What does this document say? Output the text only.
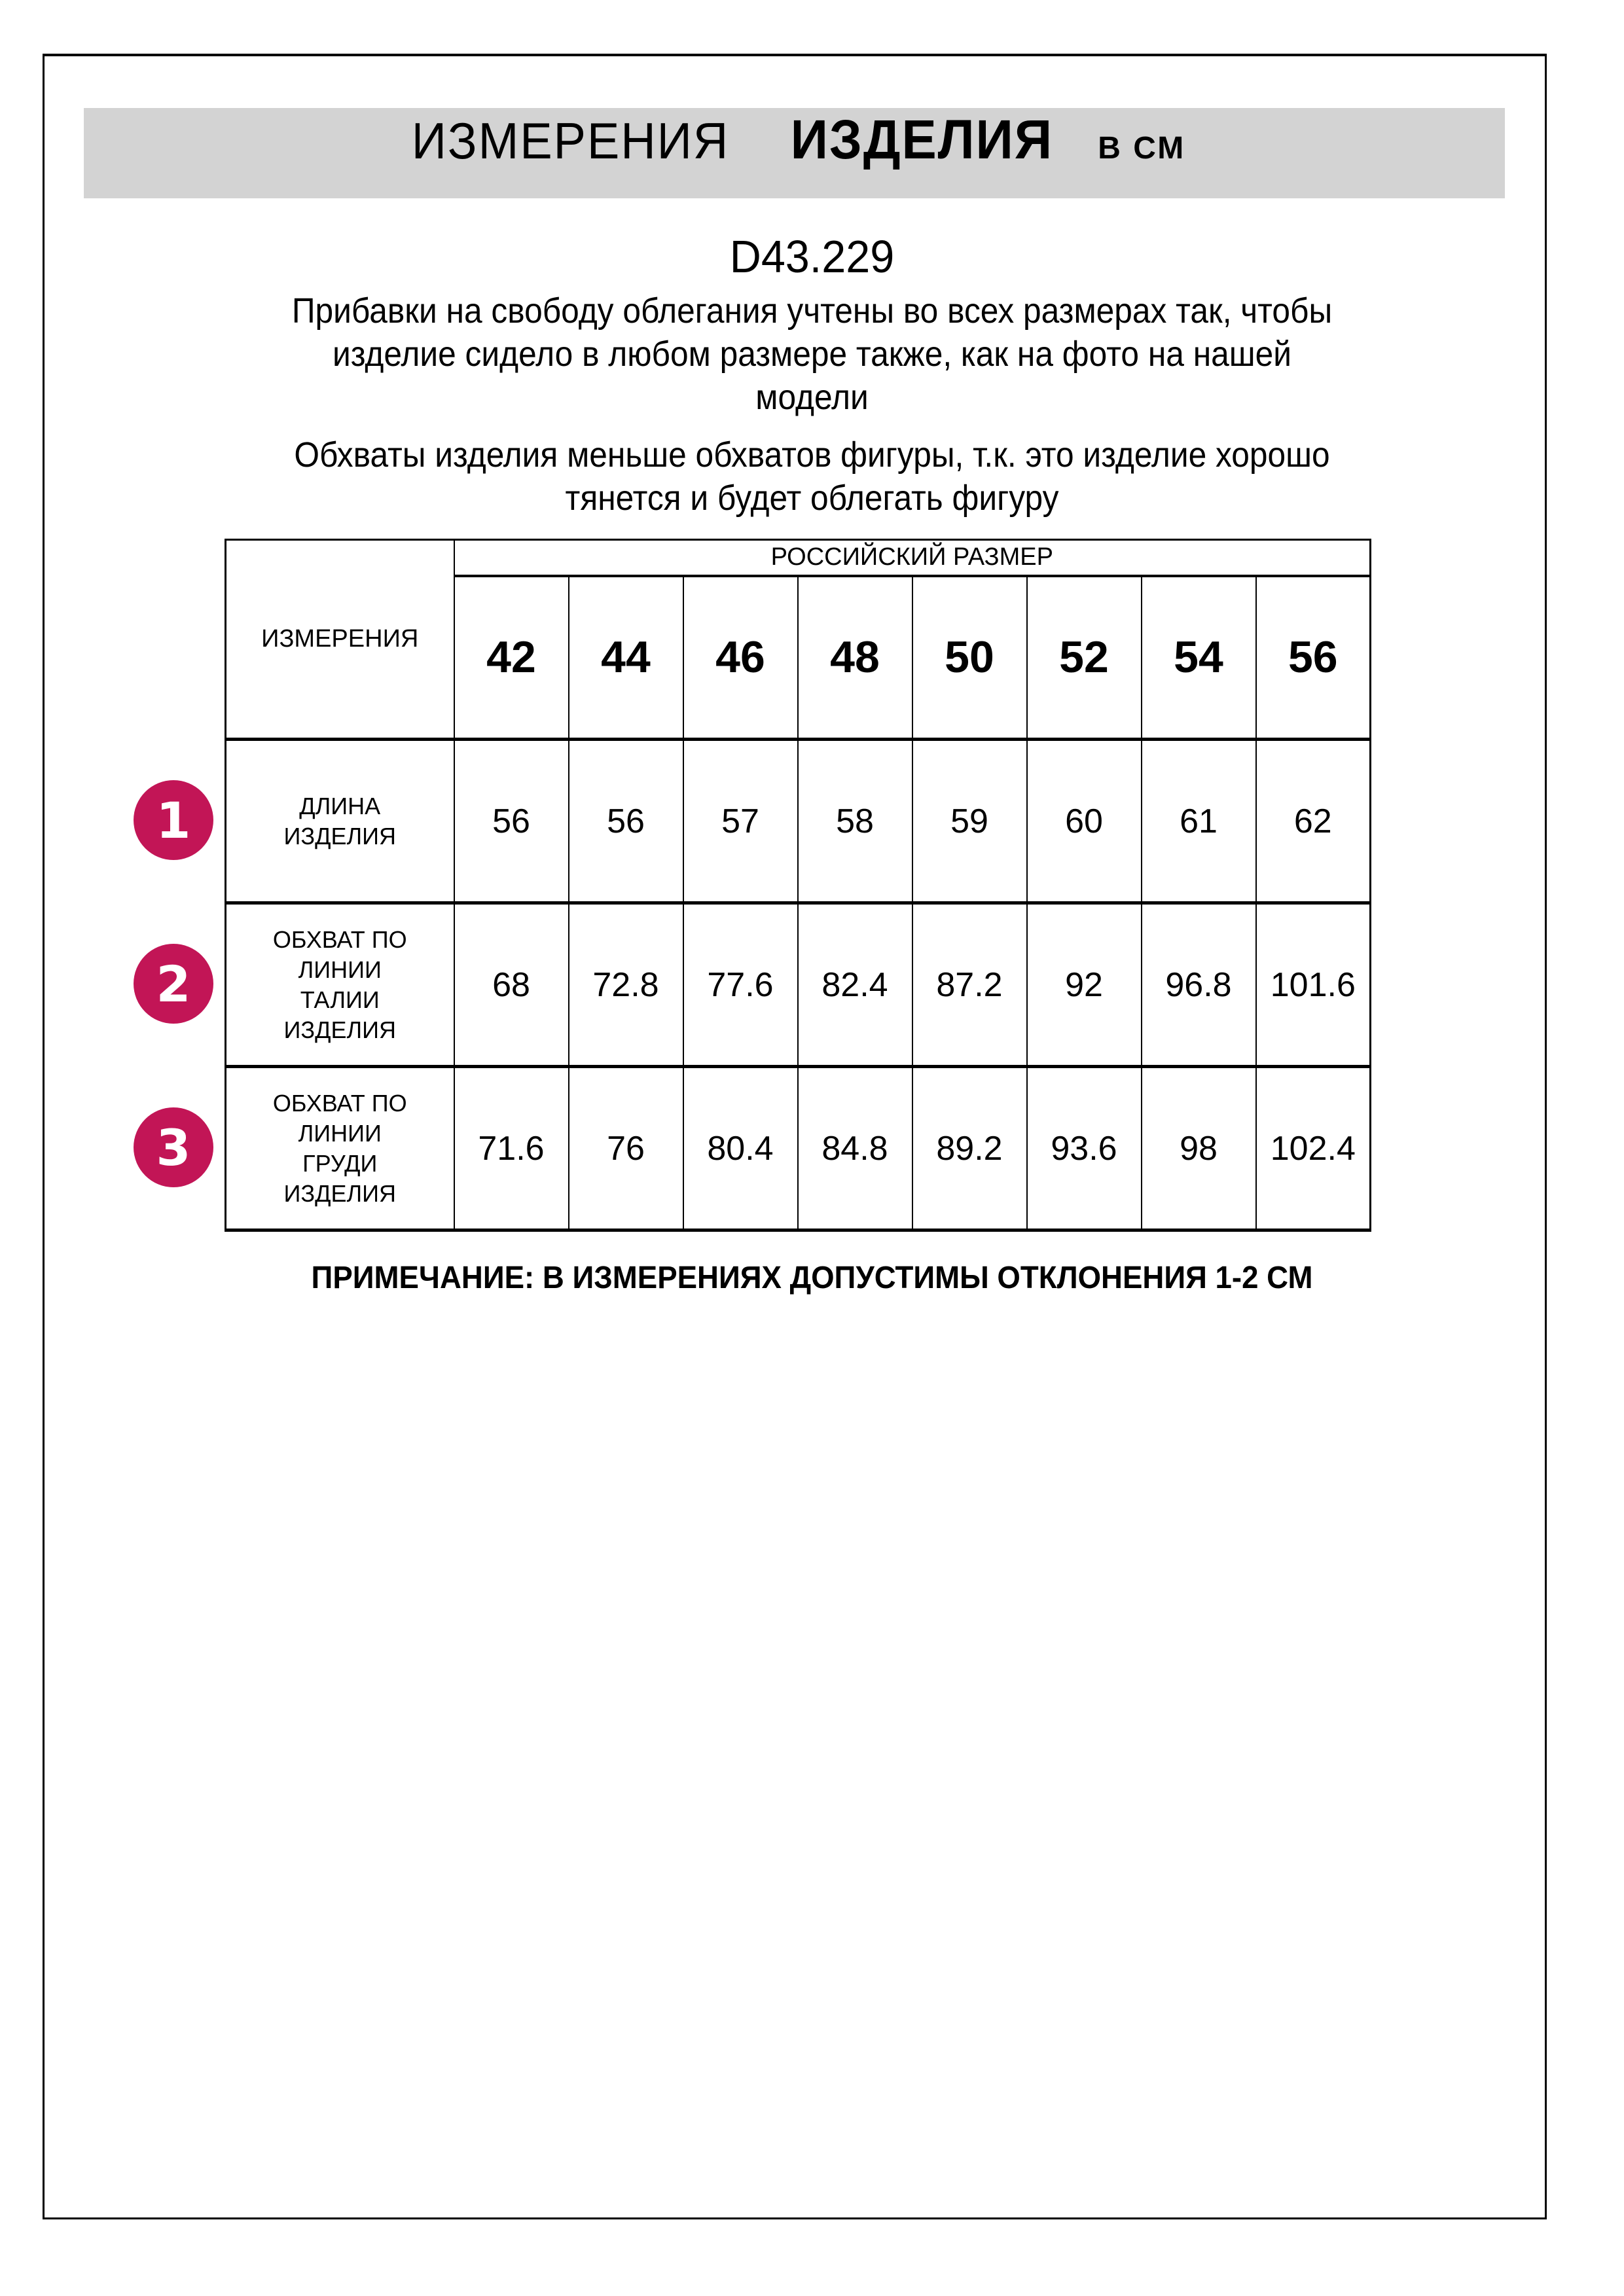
ИЗМЕРЕНИЯ ИЗДЕЛИЯ В СМ
D43.229
Прибавки на свободу облегания учтены во всех размерах так, чтобы
изделие сидело в любом размере также, как на фото на нашей
модели
Обхваты изделия меньше обхватов фигуры, т.к. это изделие хорошо
тянется и будет облегать фигуру
ИЗМЕРЕНИЯ	РОССИЙСКИЙ РАЗМЕР							
	42	44	46	48	50	52	54	56
ДЛИНА ИЗДЕЛИЯ	56	56	57	58	59	60	61	62
ОБХВАТ ПО ЛИНИИ ТАЛИИ ИЗДЕЛИЯ	68	72.8	77.6	82.4	87.2	92	96.8	101.6
ОБХВАТ ПО ЛИНИИ ГРУДИ ИЗДЕЛИЯ	71.6	76	80.4	84.8	89.2	93.6	98	102.4
1
2
3
ПРИМЕЧАНИЕ: В ИЗМЕРЕНИЯХ ДОПУСТИМЫ ОТКЛОНЕНИЯ 1-2 СМ
